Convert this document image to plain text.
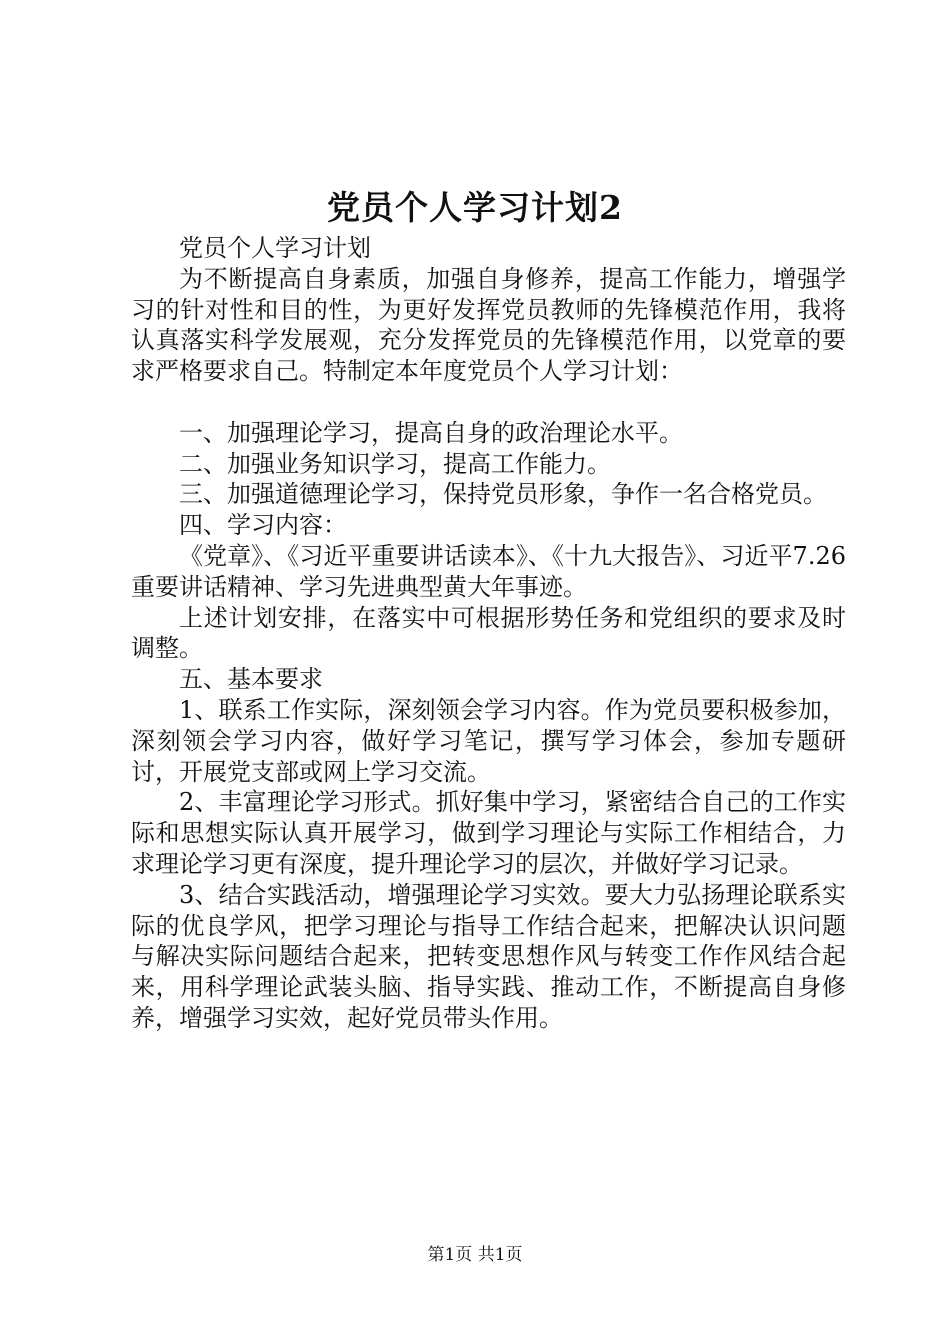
党员个人学习计划2

党员个人学习计划

为不断提高自身素质，加强自身修养，提高工作能力，增强学习的针对性和目的性，为更好发挥党员教师的先锋模范作用，我将认真落实科学发展观，充分发挥党员的先锋模范作用，以党章的要求严格要求自己。特制定本年度党员个人学习计划：

一、加强理论学习，提高自身的政治理论水平。

二、加强业务知识学习，提高工作能力。

三、加强道德理论学习，保持党员形象，争作一名合格党员。

四、学习内容：

《党章》、《习近平重要讲话读本》、《十九大报告》、习近平7.26重要讲话精神、学习先进典型黄大年事迹。

上述计划安排，在落实中可根据形势任务和党组织的要求及时调整。

五、基本要求

1、联系工作实际，深刻领会学习内容。作为党员要积极参加，深刻领会学习内容，做好学习笔记，撰写学习体会，参加专题研讨，开展党支部或网上学习交流。

2、丰富理论学习形式。抓好集中学习，紧密结合自己的工作实际和思想实际认真开展学习，做到学习理论与实际工作相结合，力求理论学习更有深度，提升理论学习的层次，并做好学习记录。

3、结合实践活动，增强理论学习实效。要大力弘扬理论联系实际的优良学风，把学习理论与指导工作结合起来，把解决认识问题与解决实际问题结合起来，把转变思想作风与转变工作作风结合起来，用科学理论武装头脑、指导实践、推动工作，不断提高自身修养，增强学习实效，起好党员带头作用。

第1页 共1页
